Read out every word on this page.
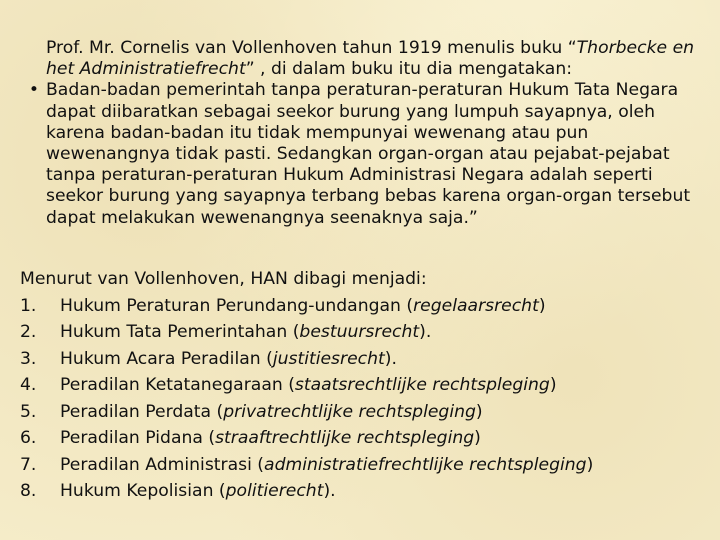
Prof. Mr. Cornelis van Vollenhoven tahun 1919 menulis buku “Thorbecke en het Administratiefrecht” , di dalam buku itu dia mengatakan:
• Badan-badan pemerintah tanpa peraturan-peraturan Hukum Tata Negara dapat diibaratkan sebagai seekor burung yang lumpuh sayapnya, oleh karena badan-badan itu tidak mempunyai wewenang atau pun wewenangnya tidak pasti. Sedangkan organ-organ atau pejabat-pejabat tanpa peraturan-peraturan Hukum Administrasi Negara adalah seperti seekor burung yang sayapnya terbang bebas karena organ-organ tersebut dapat melakukan wewenangnya seenaknya saja.”
Menurut van Vollenhoven, HAN dibagi menjadi:
1.	Hukum Peraturan Perundang-undangan (regelaarsrecht)
2.	Hukum Tata Pemerintahan (bestuursrecht).
3.	Hukum Acara Peradilan (justitiesrecht).
4.	Peradilan Ketatanegaraan (staatsrechtlijke rechtspleging)
5.	Peradilan Perdata (privatrechtlijke rechtspleging)
6.	Peradilan Pidana (straaftrechtlijke rechtspleging)
7.	Peradilan Administrasi (administratiefrechtlijke rechtspleging)
8.	Hukum Kepolisian (politierecht).
